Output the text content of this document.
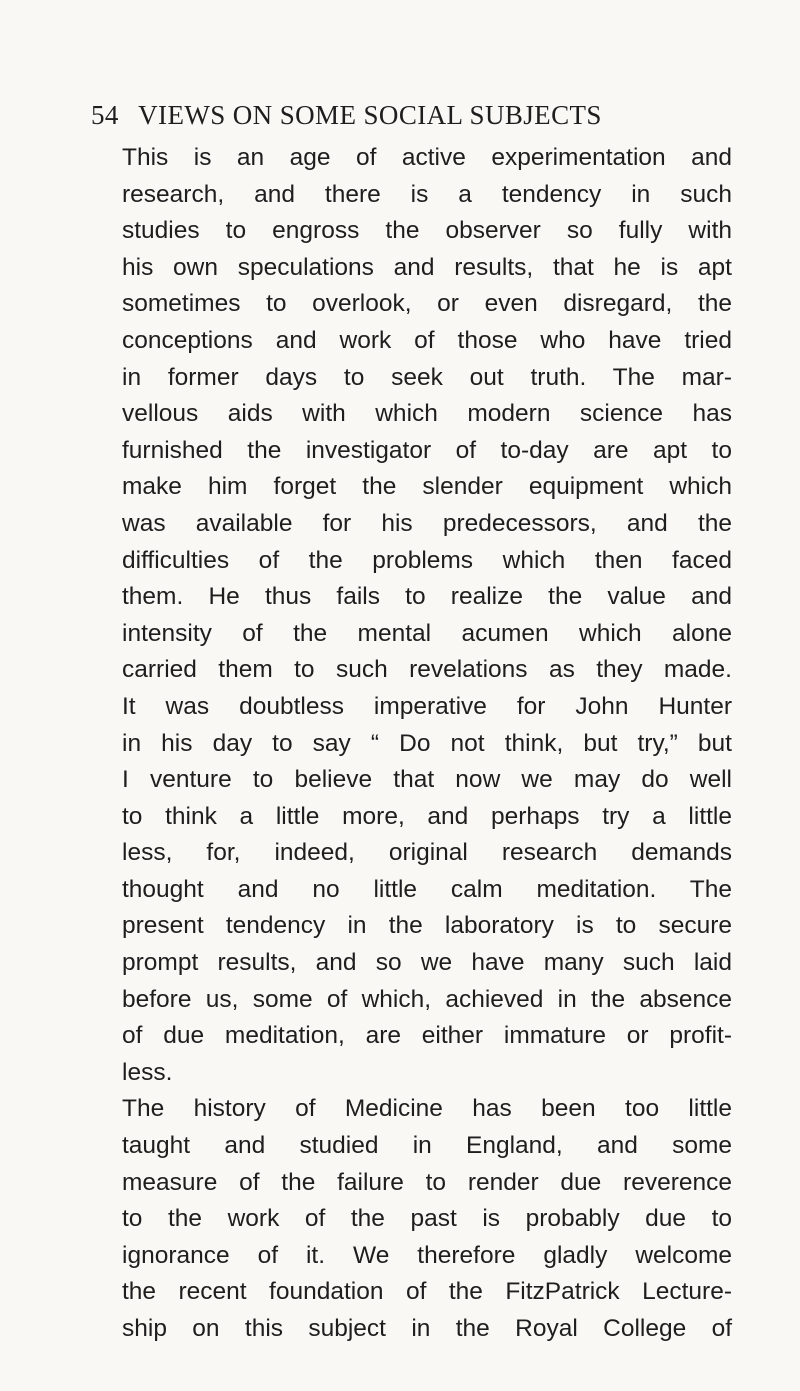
54 VIEWS ON SOME SOCIAL SUBJECTS
This is an age of active experimentation and
research, and there is a tendency in such
studies to engross the observer so fully with
his own speculations and results, that he is apt
sometimes to overlook, or even disregard, the
conceptions and work of those who have tried
in former days to seek out truth. The mar-
vellous aids with which modern science has
furnished the investigator of to-day are apt to
make him forget the slender equipment which
was available for his predecessors, and the
difficulties of the problems which then faced
them. He thus fails to realize the value and
intensity of the mental acumen which alone
carried them to such revelations as they made.
It was doubtless imperative for John Hunter
in his day to say “ Do not think, but try,” but
I venture to believe that now we may do well
to think a little more, and perhaps try a little
less, for, indeed, original research demands
thought and no little calm meditation. The
present tendency in the laboratory is to secure
prompt results, and so we have many such laid
before us, some of which, achieved in the absence
of due meditation, are either immature or profit-
less.
The history of Medicine has been too little
taught and studied in England, and some
measure of the failure to render due reverence
to the work of the past is probably due to
ignorance of it. We therefore gladly welcome
the recent foundation of the FitzPatrick Lecture-
ship on this subject in the Royal College of
